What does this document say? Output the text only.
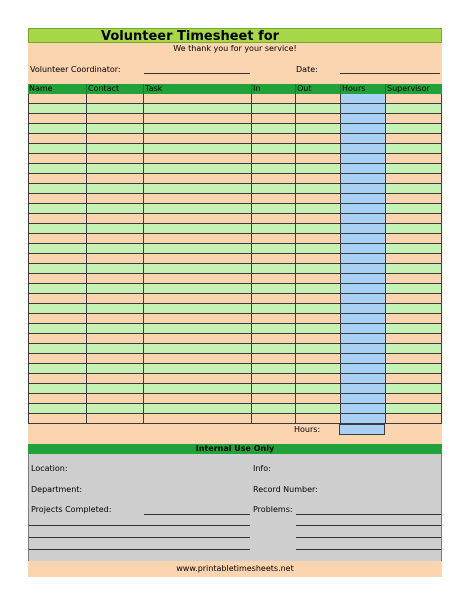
Volunteer Timesheet for
We thank you for your service!
Volunteer Coordinator:	Date:
Name	Contact	Task	In	Out	Hours	Supervisor
Hours:
Internal Use Only
Location:	Info:
Department:	Record Number:
Projects Completed:	Problems:
www.printabletimesheets.net
